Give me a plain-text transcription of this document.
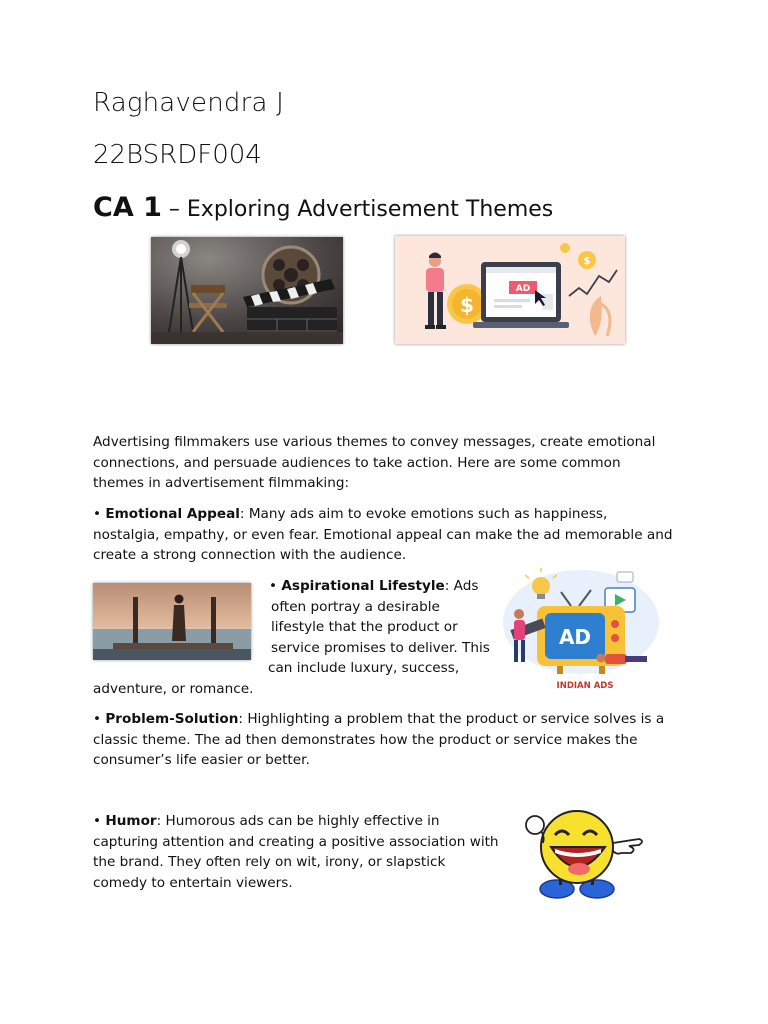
Raghavendra J
22BSRDF004
CA 1 – Exploring Advertisement Themes
$
AD
$
Advertising filmmakers use various themes to convey messages, create emotional connections, and persuade audiences to take action. Here are some common themes in advertisement filmmaking:
• Emotional Appeal: Many ads aim to evoke emotions such as happiness, nostalgia, empathy, or even fear. Emotional appeal can make the ad memorable and create a strong connection with the audience.
• Aspirational Lifestyle: Ads
often portray a desirable
lifestyle that the product or
service promises to deliver. This
can include luxury, success,
adventure, or romance.
AD
INDIAN ADS
• Problem-Solution: Highlighting a problem that the product or service solves is a classic theme. The ad then demonstrates how the product or service makes the consumer’s life easier or better.
• Humor: Humorous ads can be highly effective in capturing attention and creating a positive association with the brand. They often rely on wit, irony, or slapstick comedy to entertain viewers.
